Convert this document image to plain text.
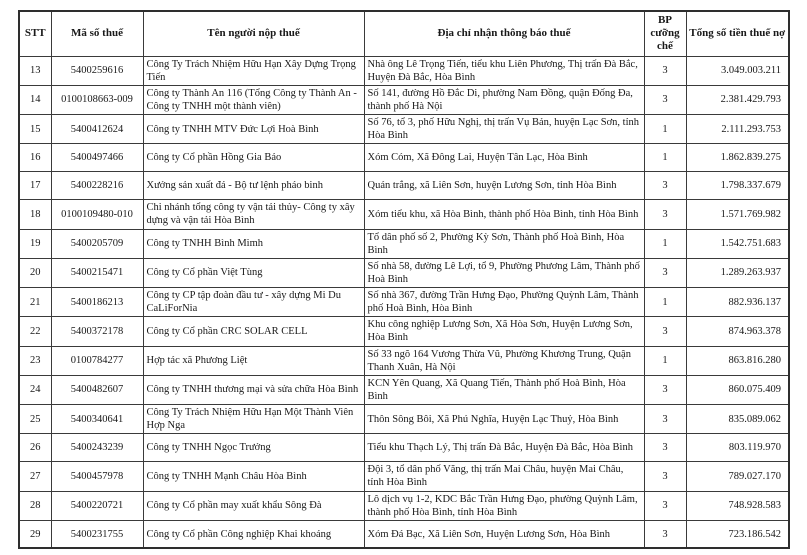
STT	Mã số thuế	Tên người nộp thuế	Địa chỉ nhận thông báo thuế	BP cưỡng chế	Tổng số tiền thuế nợ
13	5400259616	Công Ty Trách Nhiệm Hữu Hạn Xây Dựng Trọng Tiến	Nhà ông Lê Trọng Tiến, tiểu khu Liên Phương, Thị trấn Đà Bắc, Huyện Đà Bắc, Hòa Bình	3	3.049.003.211
14	0100108663-009	Công ty Thành An 116 (Tổng Công ty Thành An - Công ty TNHH một thành viên)	Số 141, đường Hồ Đắc Di, phường Nam Đồng, quận Đống Đa, thành phố Hà Nội	3	2.381.429.793
15	5400412624	Công ty TNHH MTV Đức Lợi Hoà Bình	Số 76, tổ 3, phố Hữu Nghị, thị trấn Vụ Bản, huyện Lạc Sơn, tỉnh Hòa Bình	1	2.111.293.753
16	5400497466	Công ty Cổ phần Hồng Gia Bảo	Xóm Cóm, Xã Đông Lai, Huyện Tân Lạc, Hòa Bình	1	1.862.839.275
17	5400228216	Xưởng sản xuất đá - Bộ tư lệnh pháo binh	Quán trắng, xã Liên Sơn, huyện Lương Sơn, tỉnh Hòa Bình	3	1.798.337.679
18	0100109480-010	Chi nhánh tổng công ty vận tải thủy- Công ty xây dựng và vận tải Hòa Bình	Xóm tiểu khu, xã Hòa Bình, thành phố Hòa Bình, tỉnh Hòa Bình	3	1.571.769.982
19	5400205709	Công ty TNHH Bình Mimh	Tổ dân phố số 2, Phường Kỳ Sơn, Thành phố Hoà Bình, Hòa Bình	1	1.542.751.683
20	5400215471	Công ty Cổ phần Việt Tùng	Số nhà 58, đường Lê Lợi, tổ 9, Phường Phương Lâm, Thành phố Hoà Bình	3	1.289.263.937
21	5400186213	Công ty CP tập đoàn đầu tư - xây dựng Mi Du CaLiForNia	Số nhà 367, đường Trần Hưng Đạo, Phường Quỳnh Lâm, Thành phố Hoà Bình, Hòa Bình	1	882.936.137
22	5400372178	Công ty Cổ phần CRC SOLAR CELL	Khu công nghiệp Lương Sơn, Xã Hòa Sơn, Huyện Lương Sơn, Hòa Bình	3	874.963.378
23	0100784277	Hợp tác xã Phương Liệt	Số 33 ngõ 164 Vương Thừa Vũ, Phường Khương Trung, Quận Thanh Xuân, Hà Nội	1	863.816.280
24	5400482607	Công ty TNHH thương mại và sửa chữa Hòa Bình	KCN Yên Quang, Xã Quang Tiến, Thành phố Hoà Bình, Hòa Bình	3	860.075.409
25	5400340641	Công Ty Trách Nhiệm Hữu Hạn Một Thành Viên Hợp Nga	Thôn Sông Bôi, Xã Phú Nghĩa, Huyện Lạc Thuỷ, Hòa Bình	3	835.089.062
26	5400243239	Công ty TNHH Ngọc Trưởng	Tiểu khu Thạch Lý, Thị trấn Đà Bắc, Huyện Đà Bắc, Hòa Bình	3	803.119.970
27	5400457978	Công ty TNHH Mạnh Châu Hòa Bình	Đội 3, tổ dân phố Văng, thị trấn Mai Châu, huyện Mai Châu, tỉnh Hòa Bình	3	789.027.170
28	5400220721	Công ty Cổ phần may xuất khẩu Sông Đà	Lô dịch vụ 1-2, KDC Bắc Trần Hưng Đạo, phường Quỳnh Lâm, thành phố Hòa Bình, tỉnh Hòa Bình	3	748.928.583
29	5400231755	Công ty Cổ phần Công nghiệp Khai khoáng	Xóm Đá Bạc, Xã Liên Sơn, Huyện Lương Sơn, Hòa Bình	3	723.186.542
